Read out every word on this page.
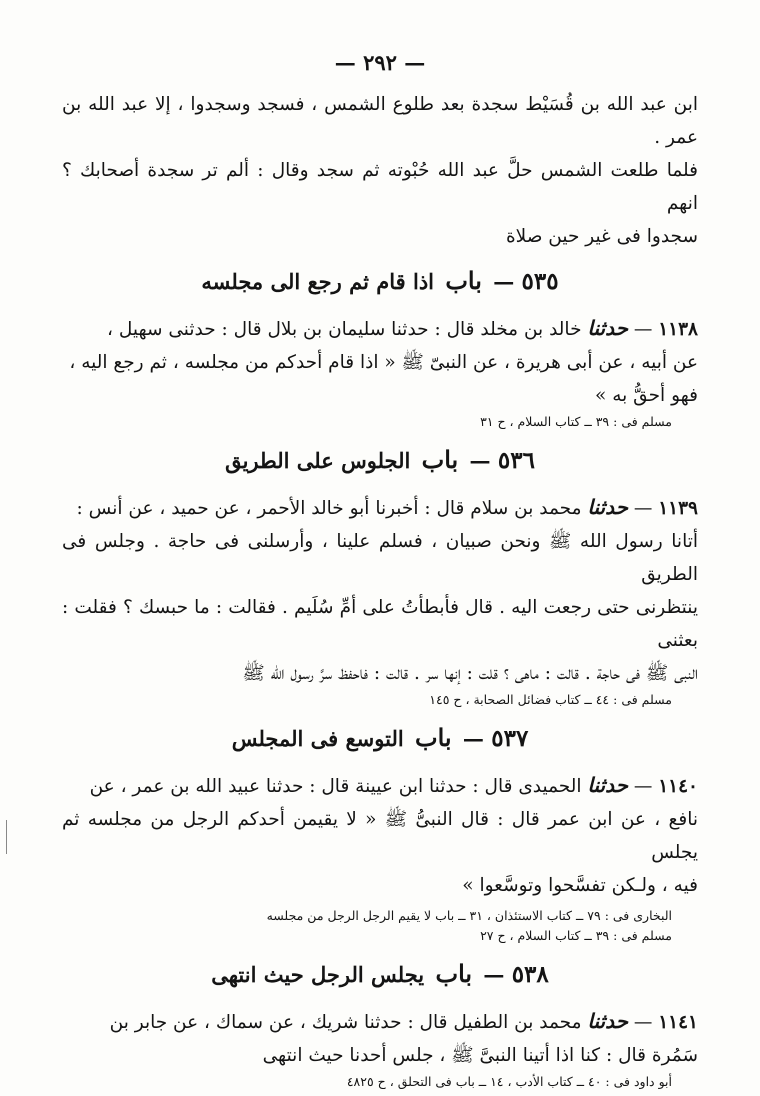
— ٢٩٢ —
ابن عبد الله بن قُسَيْط سجدة بعد طلوع الشمس ، فسجد وسجدوا ، إلا عبد الله بن عمر .
فلما طلعت الشمس حلَّ عبد الله حُبْوته ثم سجد وقال : ألم تر سجدة أصحابك ؟ انهم
سجدوا فى غير حين صلاة
٥٣٥ — باب اذا قام ثم رجع الى مجلسه
١١٣٨ — حدثنا خالد بن مخلد قال : حدثنا سليمان بن بلال قال : حدثنى سهيل ،
عن أبيه ، عن أبى هريرة ، عن النبىّ ﷺ « اذا قام أحدكم من مجلسه ، ثم رجع اليه ،
فهو أحقُّ به »
مسلم فى : ٣٩ ــ كتاب السلام ، ح ٣١
٥٣٦ — باب الجلوس على الطريق
١١٣٩ — حدثنا محمد بن سلام قال : أخبرنا أبو خالد الأحمر ، عن حميد ، عن أنس :
أتانا رسول الله ﷺ ونحن صبيان ، فسلم علينا ، وأرسلنى فى حاجة . وجلس فى الطريق
ينتظرنى حتى رجعت اليه . قال فأبطأتُ على أمِّ سُلَيم . فقالت : ما حبسك ؟ فقلت : بعثنى
النبى ﷺ فى حاجة . قالت : ماهى ؟ قلت : إنها سر . قالت : فاحفظ سرَّ رسول الله ﷺ
مسلم فى : ٤٤ ــ كتاب فضائل الصحابة ، ح ١٤٥
٥٣٧ — باب التوسع فى المجلس
١١٤٠ — حدثنا الحميدى قال : حدثنا ابن عيينة قال : حدثنا عبيد الله بن عمر ، عن
نافع ، عن ابن عمر قال : قال النبىُّ ﷺ « لا يقيمن أحدكم الرجل من مجلسه ثم يجلس
فيه ، ولـكن تفسَّحوا وتوسَّعوا »
البخارى فى : ٧٩ ــ كتاب الاستئذان ، ٣١ ــ باب لا يقيم الرجل الرجل من مجلسه
مسلم فى : ٣٩ ــ كتاب السلام ، ح ٢٧
٥٣٨ — باب يجلس الرجل حيث انتهى
١١٤١ — حدثنا محمد بن الطفيل قال : حدثنا شريك ، عن سماك ، عن جابر بن
سَمُرة قال : كنا اذا أتينا النبىَّ ﷺ ، جلس أحدنا حيث انتهى
أبو داود فى : ٤٠ ــ كتاب الأدب ، ١٤ ــ باب فى التحلق ، ح ٤٨٢٥
